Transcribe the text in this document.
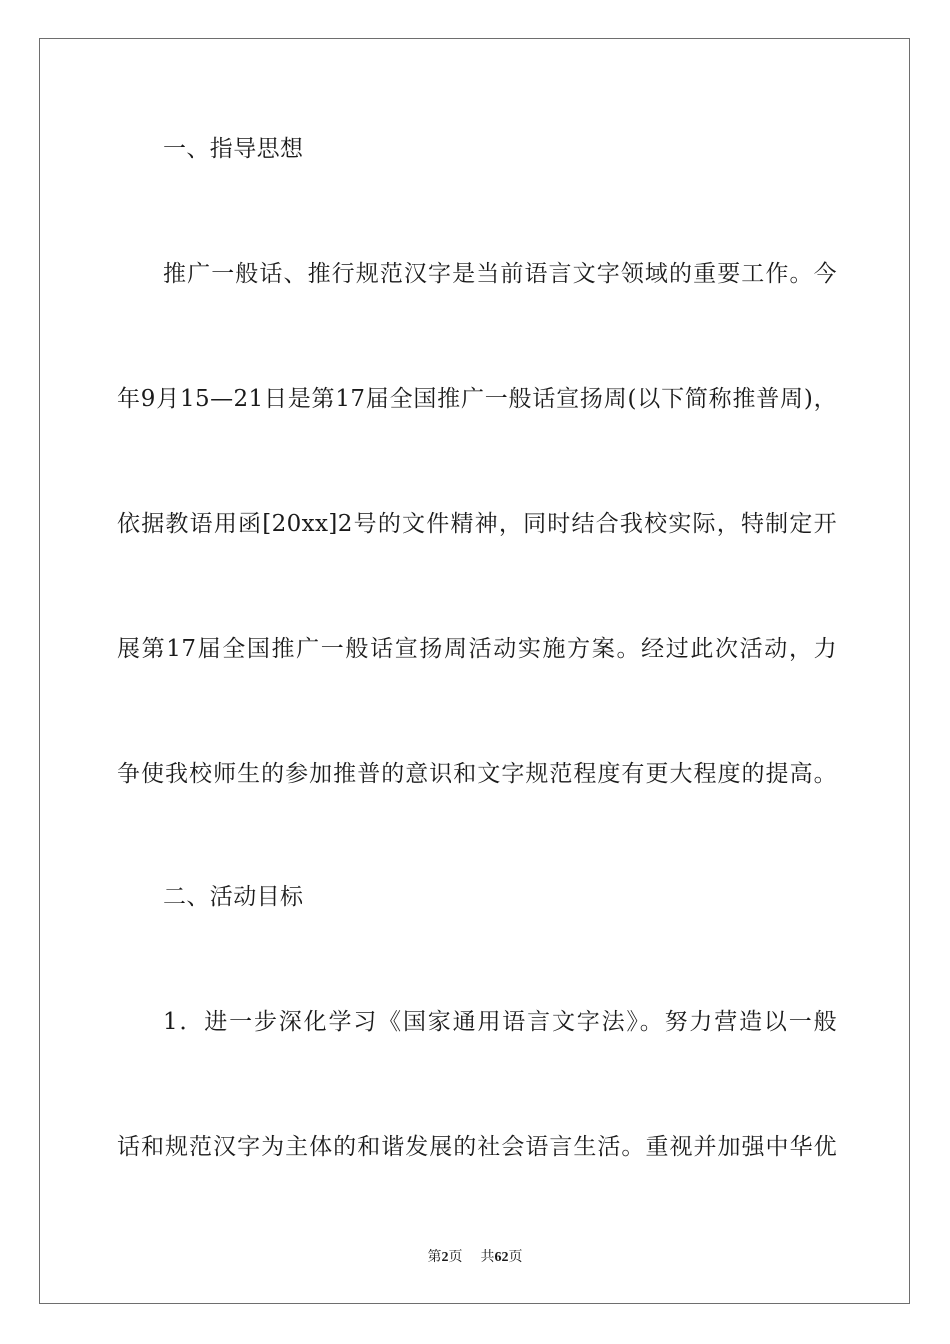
一、指导思想
推广一般话、推行规范汉字是当前语言文字领域的重要工作。今
年9月15—21日是第17届全国推广一般话宣扬周(以下简称推普周)，
依据教语用函[20xx]2号的文件精神，同时结合我校实际，特制定开
展第17届全国推广一般话宣扬周活动实施方案。经过此次活动，力
争使我校师生的参加推普的意识和文字规范程度有更大程度的提高。
二、活动目标
1．进一步深化学习《国家通用语言文字法》。努力营造以一般
话和规范汉字为主体的和谐发展的社会语言生活。重视并加强中华优
第2页 共62页
